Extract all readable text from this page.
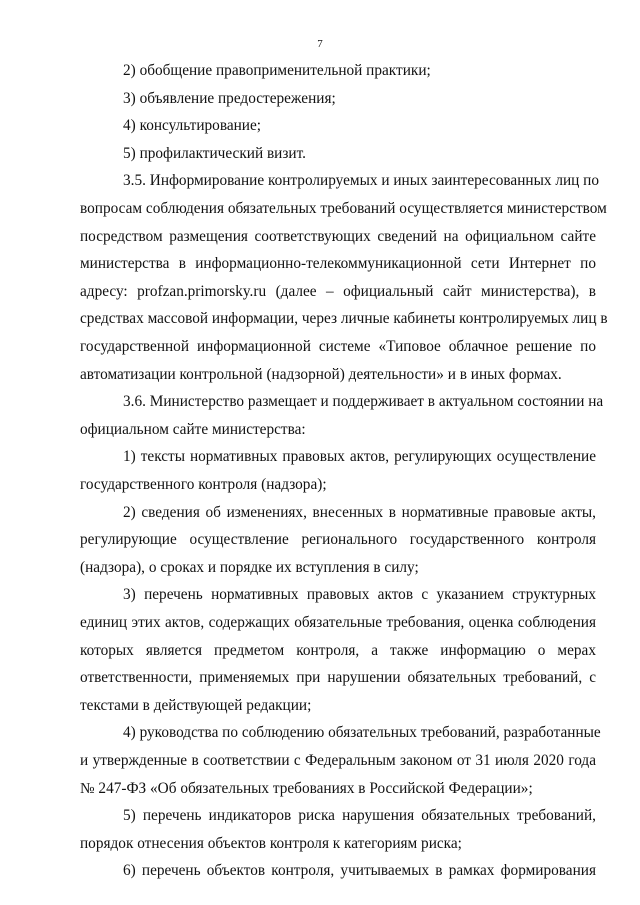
7
2) обобщение правоприменительной практики;
3) объявление предостережения;
4) консультирование;
5) профилактический визит.
3.5. Информирование контролируемых и иных заинтересованных лиц по
вопросам соблюдения обязательных требований осуществляется министерством
посредством размещения соответствующих сведений на официальном сайте
министерства в информационно-телекоммуникационной сети Интернет по
адресу: profzan.primorsky.ru (далее – официальный сайт министерства), в
средствах массовой информации, через личные кабинеты контролируемых лиц в
государственной информационной системе «Типовое облачное решение по
автоматизации контрольной (надзорной) деятельности» и в иных формах.
3.6. Министерство размещает и поддерживает в актуальном состоянии на
официальном сайте министерства:
1) тексты нормативных правовых актов, регулирующих осуществление
государственного контроля (надзора);
2) сведения об изменениях, внесенных в нормативные правовые акты,
регулирующие осуществление регионального государственного контроля
(надзора), о сроках и порядке их вступления в силу;
3) перечень нормативных правовых актов с указанием структурных
единиц этих актов, содержащих обязательные требования, оценка соблюдения
которых является предметом контроля, а также информацию о мерах
ответственности, применяемых при нарушении обязательных требований, с
текстами в действующей редакции;
4) руководства по соблюдению обязательных требований, разработанные
и утвержденные в соответствии с Федеральным законом от 31 июля 2020 года
№ 247-ФЗ «Об обязательных требованиях в Российской Федерации»;
5) перечень индикаторов риска нарушения обязательных требований,
порядок отнесения объектов контроля к категориям риска;
6) перечень объектов контроля, учитываемых в рамках формирования
